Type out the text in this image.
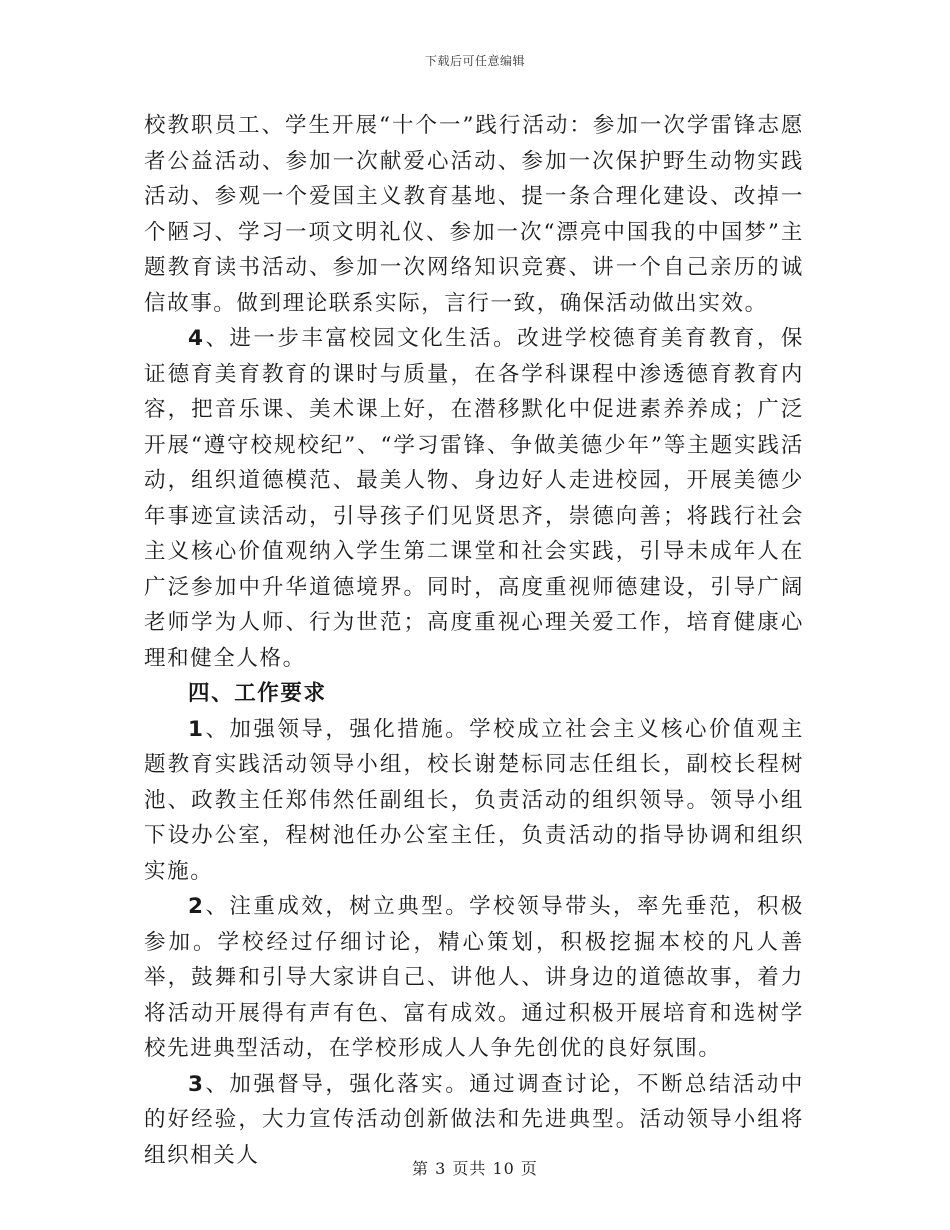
下载后可任意编辑

校教职员工、学生开展“十个一”践行活动：参加一次学雷锋志愿者公益活动、参加一次献爱心活动、参加一次保护野生动物实践活动、参观一个爱国主义教育基地、提一条合理化建设、改掉一个陋习、学习一项文明礼仪、参加一次“漂亮中国我的中国梦”主题教育读书活动、参加一次网络知识竞赛、讲一个自己亲历的诚信故事。做到理论联系实际，言行一致，确保活动做出实效。

4、进一步丰富校园文化生活。改进学校德育美育教育，保证德育美育教育的课时与质量，在各学科课程中渗透德育教育内容，把音乐课、美术课上好，在潜移默化中促进素养养成；广泛开展“遵守校规校纪”、“学习雷锋、争做美德少年”等主题实践活动，组织道德模范、最美人物、身边好人走进校园，开展美德少年事迹宣读活动，引导孩子们见贤思齐，崇德向善；将践行社会主义核心价值观纳入学生第二课堂和社会实践，引导未成年人在广泛参加中升华道德境界。同时，高度重视师德建设，引导广阔老师学为人师、行为世范；高度重视心理关爱工作，培育健康心理和健全人格。

四、工作要求

1、加强领导，强化措施。学校成立社会主义核心价值观主题教育实践活动领导小组，校长谢楚标同志任组长，副校长程树池、政教主任郑伟然任副组长，负责活动的组织领导。领导小组下设办公室，程树池任办公室主任，负责活动的指导协调和组织实施。

2、注重成效，树立典型。学校领导带头，率先垂范，积极参加。学校经过仔细讨论，精心策划，积极挖掘本校的凡人善举，鼓舞和引导大家讲自己、讲他人、讲身边的道德故事，着力将活动开展得有声有色、富有成效。通过积极开展培育和选树学校先进典型活动，在学校形成人人争先创优的良好氛围。

3、加强督导，强化落实。通过调查讨论，不断总结活动中的好经验，大力宣传活动创新做法和先进典型。活动领导小组将组织相关人

第 3 页共 10 页
